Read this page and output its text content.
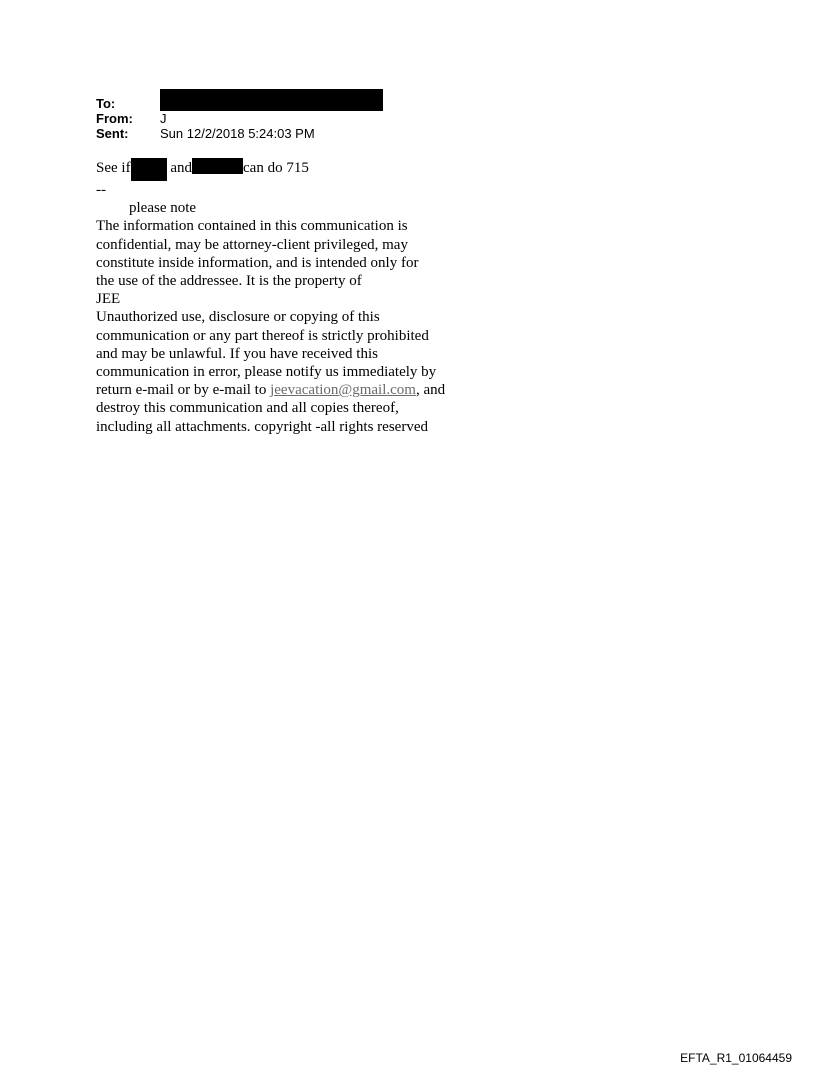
To:
From:	J
Sent:	Sun 12/2/2018 5:24:03 PM
See if	and	can do 715
--
please note
The information contained in this communication is
confidential, may be attorney-client privileged, may
constitute inside information, and is intended only for
the use of the addressee. It is the property of
JEE
Unauthorized use, disclosure or copying of this
communication or any part thereof is strictly prohibited
and may be unlawful. If you have received this
communication in error, please notify us immediately by
return e-mail or by e-mail to jeevacation@gmail.com, and
destroy this communication and all copies thereof,
including all attachments. copyright -all rights reserved
EFTA_R1_01064459
